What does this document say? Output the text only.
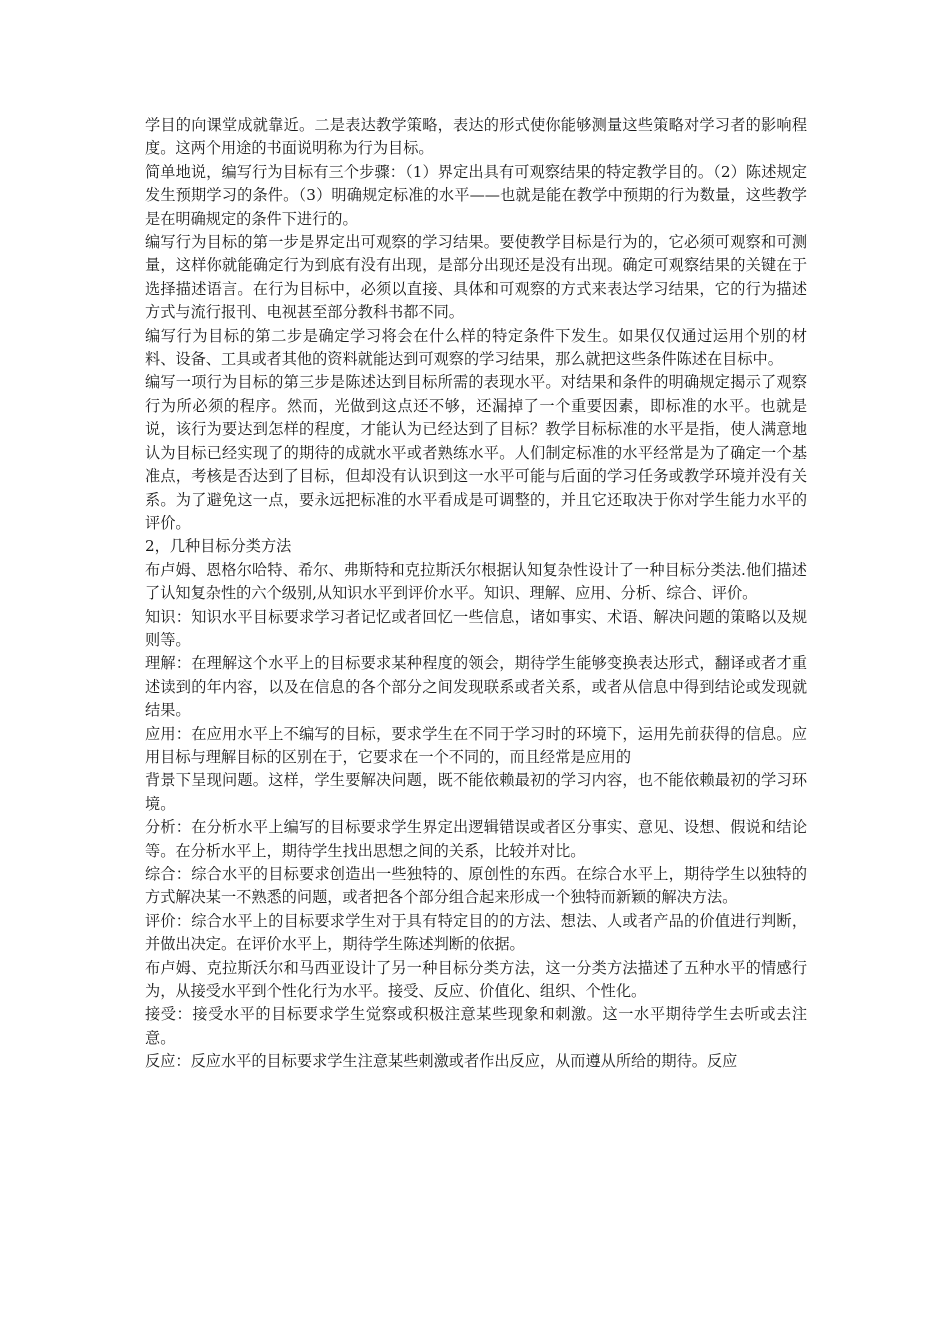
学目的向课堂成就靠近。二是表达教学策略，表达的形式使你能够测量这些策略对学习者的影响程度。这两个用途的书面说明称为行为目标。

简单地说，编写行为目标有三个步骤：（1）界定出具有可观察结果的特定教学目的。（2）陈述规定发生预期学习的条件。（3）明确规定标准的水平——也就是能在教学中预期的行为数量，这些教学是在明确规定的条件下进行的。

编写行为目标的第一步是界定出可观察的学习结果。要使教学目标是行为的，它必须可观察和可测量，这样你就能确定行为到底有没有出现，是部分出现还是没有出现。确定可观察结果的关键在于选择描述语言。在行为目标中，必须以直接、具体和可观察的方式来表达学习结果，它的行为描述方式与流行报刊、电视甚至部分教科书都不同。

编写行为目标的第二步是确定学习将会在什么样的特定条件下发生。如果仅仅通过运用个别的材料、设备、工具或者其他的资料就能达到可观察的学习结果，那么就把这些条件陈述在目标中。

编写一项行为目标的第三步是陈述达到目标所需的表现水平。对结果和条件的明确规定揭示了观察行为所必须的程序。然而，光做到这点还不够，还漏掉了一个重要因素，即标准的水平。也就是说，该行为要达到怎样的程度，才能认为已经达到了目标？教学目标标准的水平是指，使人满意地认为目标已经实现了的期待的成就水平或者熟练水平。人们制定标准的水平经常是为了确定一个基准点，考核是否达到了目标，但却没有认识到这一水平可能与后面的学习任务或教学环境并没有关系。为了避免这一点，要永远把标准的水平看成是可调整的，并且它还取决于你对学生能力水平的评价。

2，几种目标分类方法

布卢姆、恩格尔哈特、希尔、弗斯特和克拉斯沃尔根据认知复杂性设计了一种目标分类法.他们描述了认知复杂性的六个级别,从知识水平到评价水平。知识、理解、应用、分析、综合、评价。

知识：知识水平目标要求学习者记忆或者回忆一些信息，诸如事实、术语、解决问题的策略以及规则等。

理解：在理解这个水平上的目标要求某种程度的领会，期待学生能够变换表达形式，翻译或者才重述读到的年内容，以及在信息的各个部分之间发现联系或者关系，或者从信息中得到结论或发现就结果。

应用：在应用水平上不编写的目标，要求学生在不同于学习时的环境下，运用先前获得的信息。应用目标与理解目标的区别在于，它要求在一个不同的，而且经常是应用的

背景下呈现问题。这样，学生要解决问题，既不能依赖最初的学习内容，也不能依赖最初的学习环境。

分析：在分析水平上编写的目标要求学生界定出逻辑错误或者区分事实、意见、设想、假说和结论等。在分析水平上，期待学生找出思想之间的关系，比较并对比。

综合：综合水平的目标要求创造出一些独特的、原创性的东西。在综合水平上，期待学生以独特的方式解决某一不熟悉的问题，或者把各个部分组合起来形成一个独特而新颖的解决方法。

评价：综合水平上的目标要求学生对于具有特定目的的方法、想法、人或者产品的价值进行判断，并做出决定。在评价水平上，期待学生陈述判断的依据。

布卢姆、克拉斯沃尔和马西亚设计了另一种目标分类方法，这一分类方法描述了五种水平的情感行为，从接受水平到个性化行为水平。接受、反应、价值化、组织、个性化。

接受：接受水平的目标要求学生觉察或积极注意某些现象和刺激。这一水平期待学生去听或去注意。

反应：反应水平的目标要求学生注意某些刺激或者作出反应，从而遵从所给的期待。反应
